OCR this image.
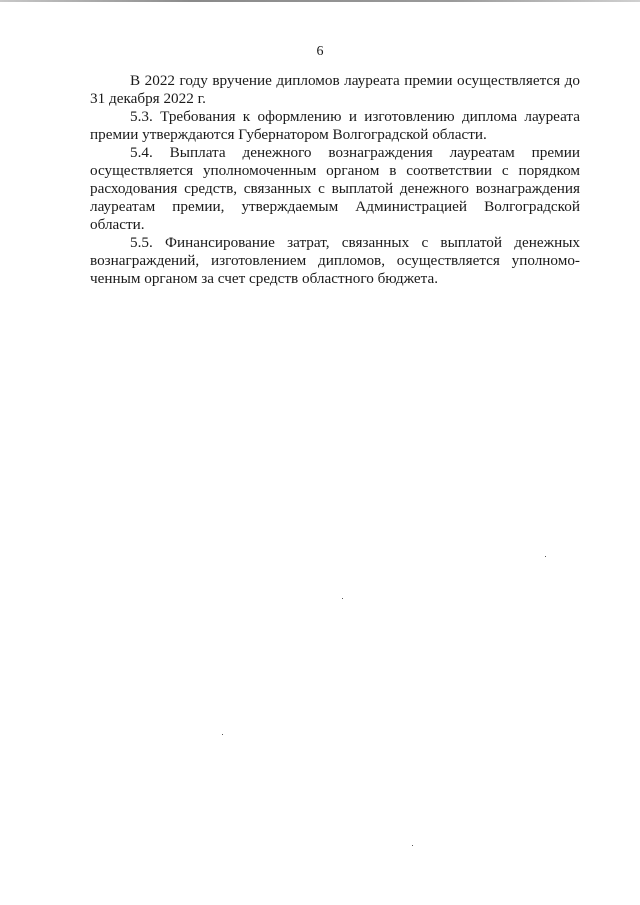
6

В 2022 году вручение дипломов лауреата премии осуществляется до 31 декабря 2022 г.

5.3. Требования к оформлению и изготовлению диплома лауреата премии утверждаются Губернатором Волгоградской области.

5.4. Выплата денежного вознаграждения лауреатам премии осуществляется уполномоченным органом в соответствии с порядком расходования средств, связанных с выплатой денежного вознаграждения лауреатам премии, утверждаемым Администрацией Волгоградской области.

5.5. Финансирование затрат, связанных с выплатой денежных вознаграждений, изготовлением дипломов, осуществляется уполномо-ченным органом за счет средств областного бюджета.
